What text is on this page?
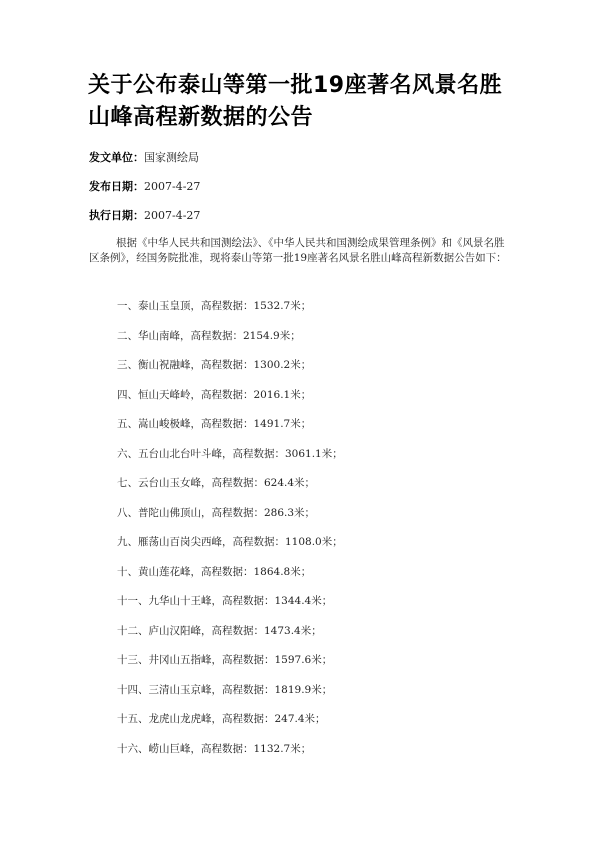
关于公布泰山等第一批19座著名风景名胜山峰高程新数据的公告
发文单位：国家测绘局
发布日期：2007-4-27
执行日期：2007-4-27

根据《中华人民共和国测绘法》、《中华人民共和国测绘成果管理条例》和《风景名胜区条例》，经国务院批准，现将泰山等第一批19座著名风景名胜山峰高程新数据公告如下：

一、泰山玉皇顶，高程数据：1532.7米；
二、华山南峰，高程数据：2154.9米；
三、衡山祝融峰，高程数据：1300.2米；
四、恒山天峰岭，高程数据：2016.1米；
五、嵩山峻极峰，高程数据：1491.7米；
六、五台山北台叶斗峰，高程数据：3061.1米；
七、云台山玉女峰，高程数据：624.4米；
八、普陀山佛顶山，高程数据：286.3米；
九、雁荡山百岗尖西峰，高程数据：1108.0米；
十、黄山莲花峰，高程数据：1864.8米；
十一、九华山十王峰，高程数据：1344.4米；
十二、庐山汉阳峰，高程数据：1473.4米；
十三、井冈山五指峰，高程数据：1597.6米；
十四、三清山玉京峰，高程数据：1819.9米；
十五、龙虎山龙虎峰，高程数据：247.4米；
十六、崂山巨峰，高程数据：1132.7米；
